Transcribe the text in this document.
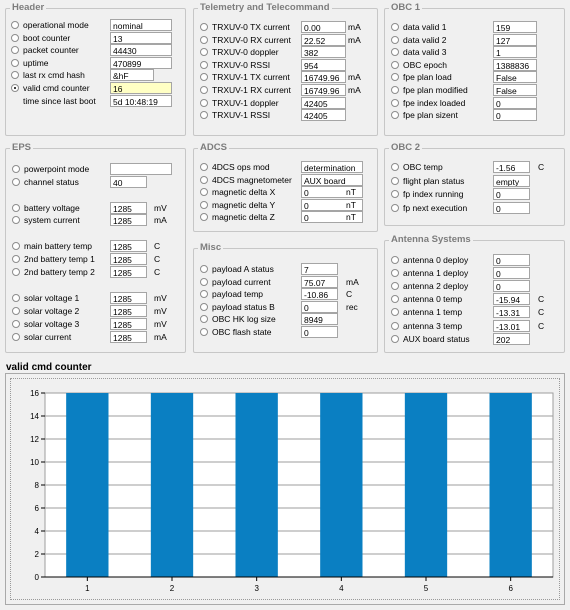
Header
operational mode	nominal
boot counter	13
packet counter	44430
uptime	470899
last rx cmd hash	&hF
valid cmd counter	16
time since last boot	5d 10:48:19
Telemetry and Telecommand
TRXUV-0 TX current	0.00	mA
TRXUV-0 RX current	22.52	mA
TRXUV-0 doppler	382
TRXUV-0 RSSI	954
TRXUV-1 TX current	16749.96	mA
TRXUV-1 RX current	16749.96	mA
TRXUV-1 doppler	42405
TRXUV-1 RSSI	42405
OBC 1
data valid 1	159
data valid 2	127
data valid 3	1
OBC epoch	1388836
fpe plan load	False
fpe plan modified	False
fpe index loaded	0
fpe plan sizent	0
EPS
powerpoint mode
channel status	40
battery voltage	1285	mV
system current	1285	mA
main battery temp	1285	C
2nd battery temp 1	1285	C
2nd battery temp 2	1285	C
solar voltage 1	1285	mV
solar voltage 2	1285	mV
solar voltage 3	1285	mV
solar current	1285	mA
ADCS
4DCS ops mod	determination
4DCS magnetometer	AUX board
magnetic delta X	0	nT
magnetic delta Y	0	nT
magnetic delta Z	0	nT
Misc
payload A status	7
payload current	75.07	mA
payload temp	-10.86	C
payload status B	0	rec
OBC HK log size	8949
OBC flash state	0
OBC 2
OBC temp	-1.56	C
flight plan status	empty
fp index running	0
fp next execution	0
Antenna Systems
antenna 0 deploy	0
antenna 1 deploy	0
antenna 2 deploy	0
antenna 0 temp	-15.94	C
antenna 1 temp	-13.31	C
antenna 3 temp	-13.01	C
AUX board status	202
valid cmd counter
0
2
4
6
8
10
12
14
16
1	2	3	4	5	6
